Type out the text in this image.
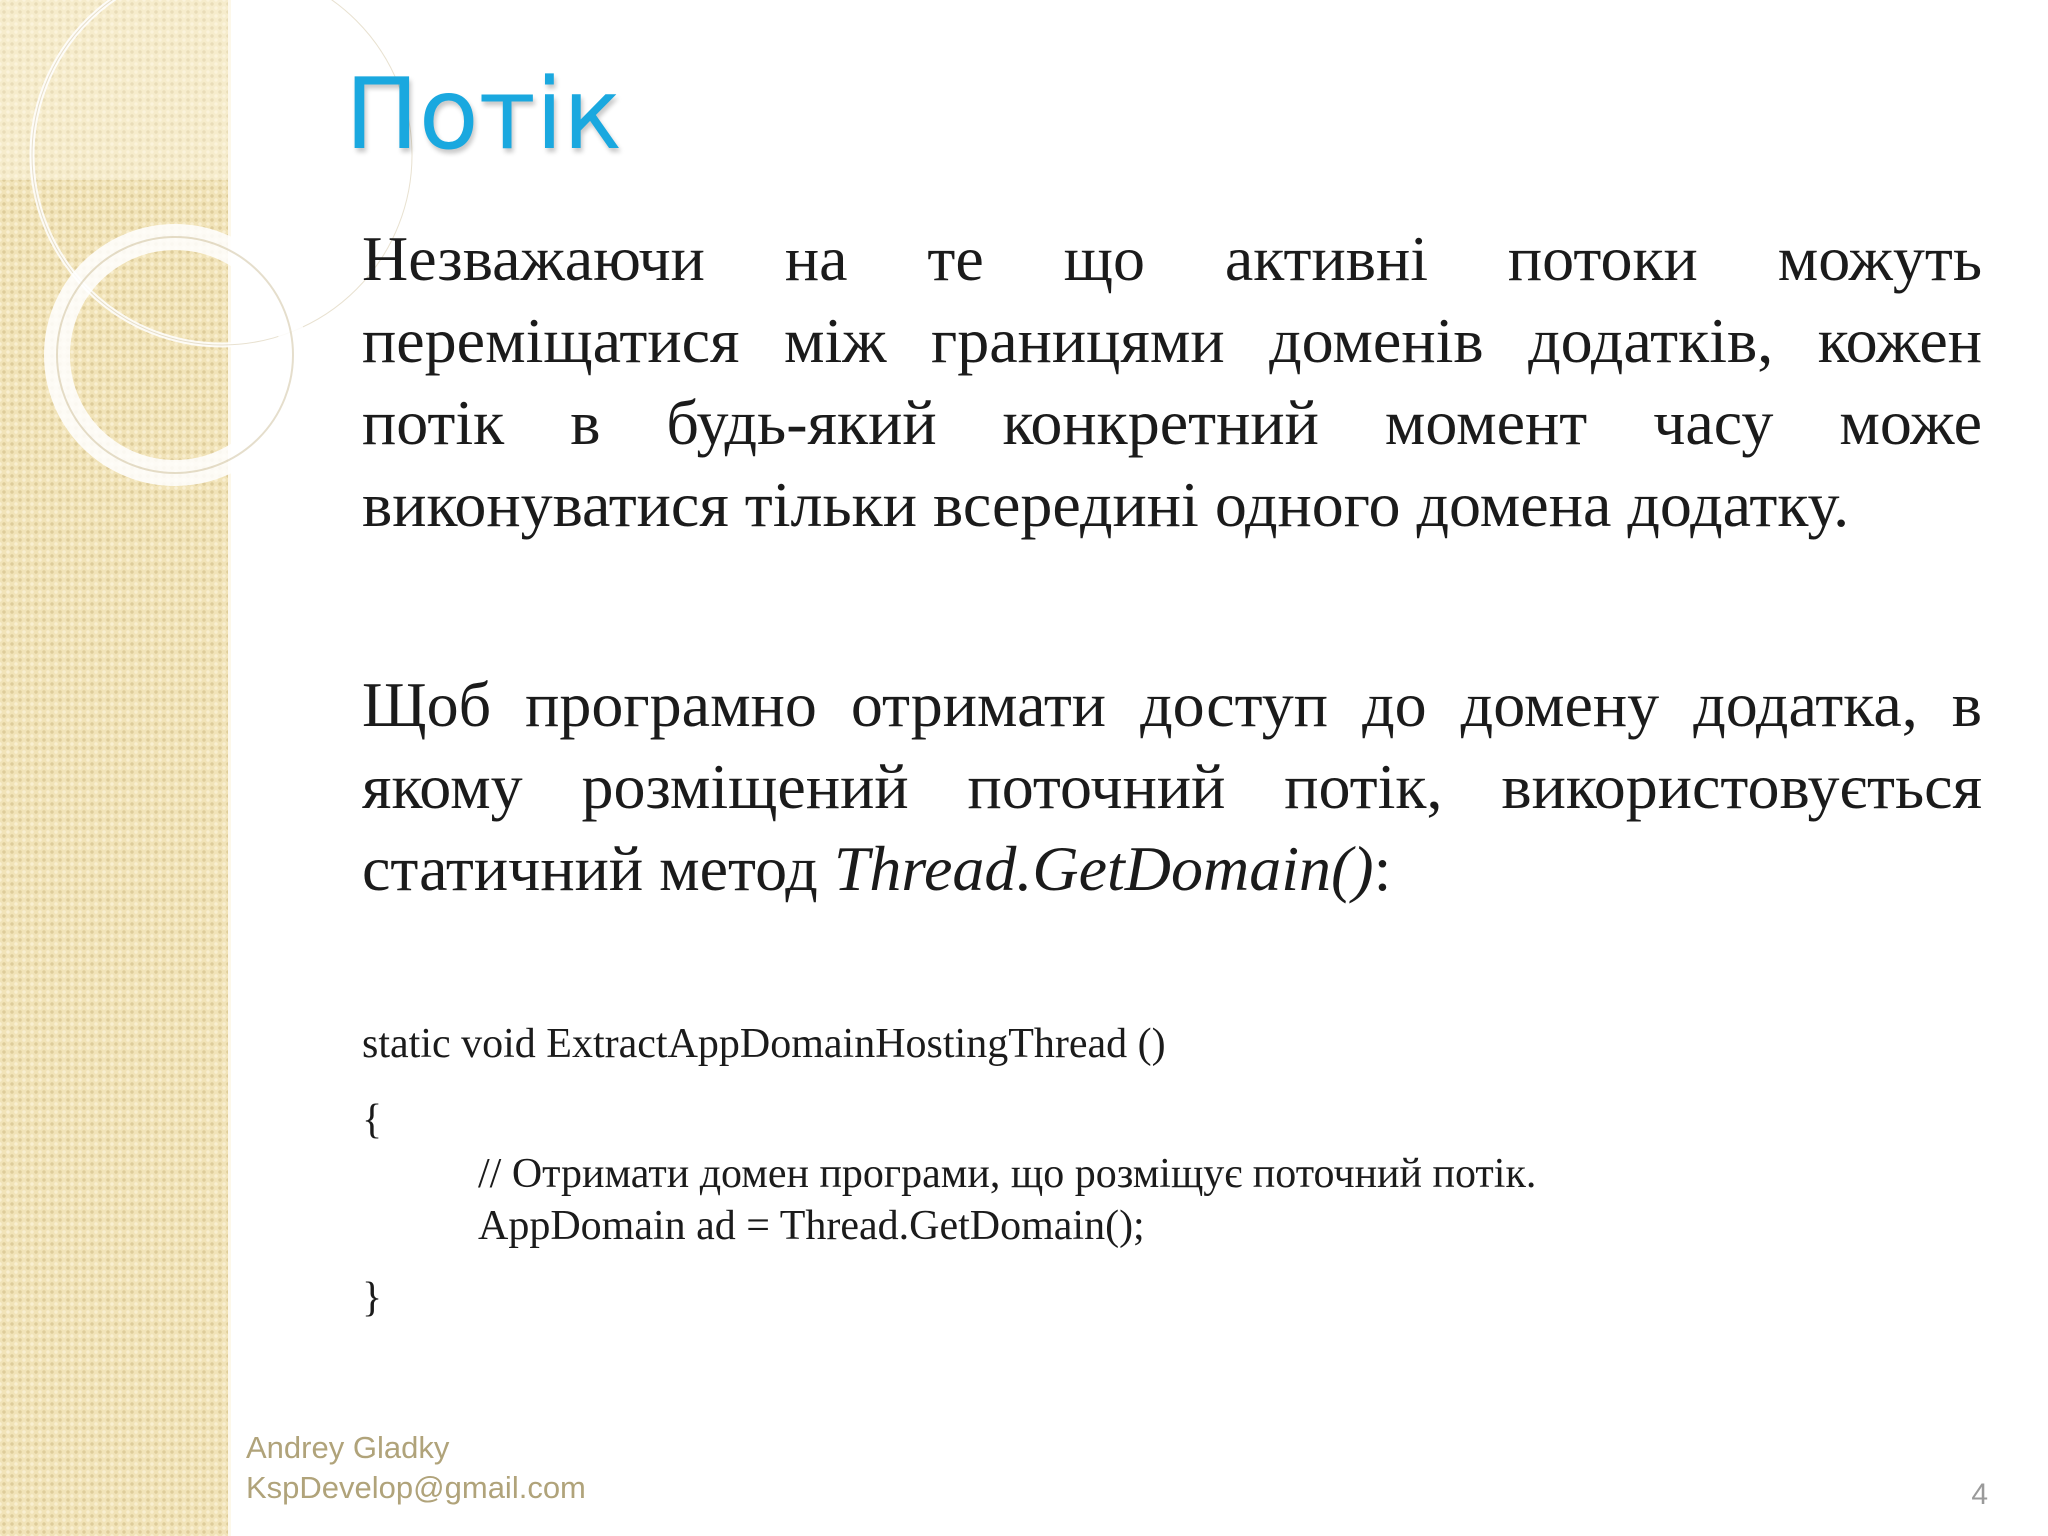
Потік

Незважаючи на те що активні потоки можуть переміщатися між границями доменів додатків, кожен потік в будь-який конкретний момент часу може виконуватися тільки всередині одного домена додатку.

Щоб програмно отримати доступ до домену додатка, в якому розміщений поточний потік, використовується статичний метод Thread.GetDomain():

static void ExtractAppDomainHostingThread ()
{
// Отримати домен програми, що розміщує поточний потік.
AppDomain ad = Thread.GetDomain();
}
Andrey Gladky
KspDevelop@gmail.com	4
